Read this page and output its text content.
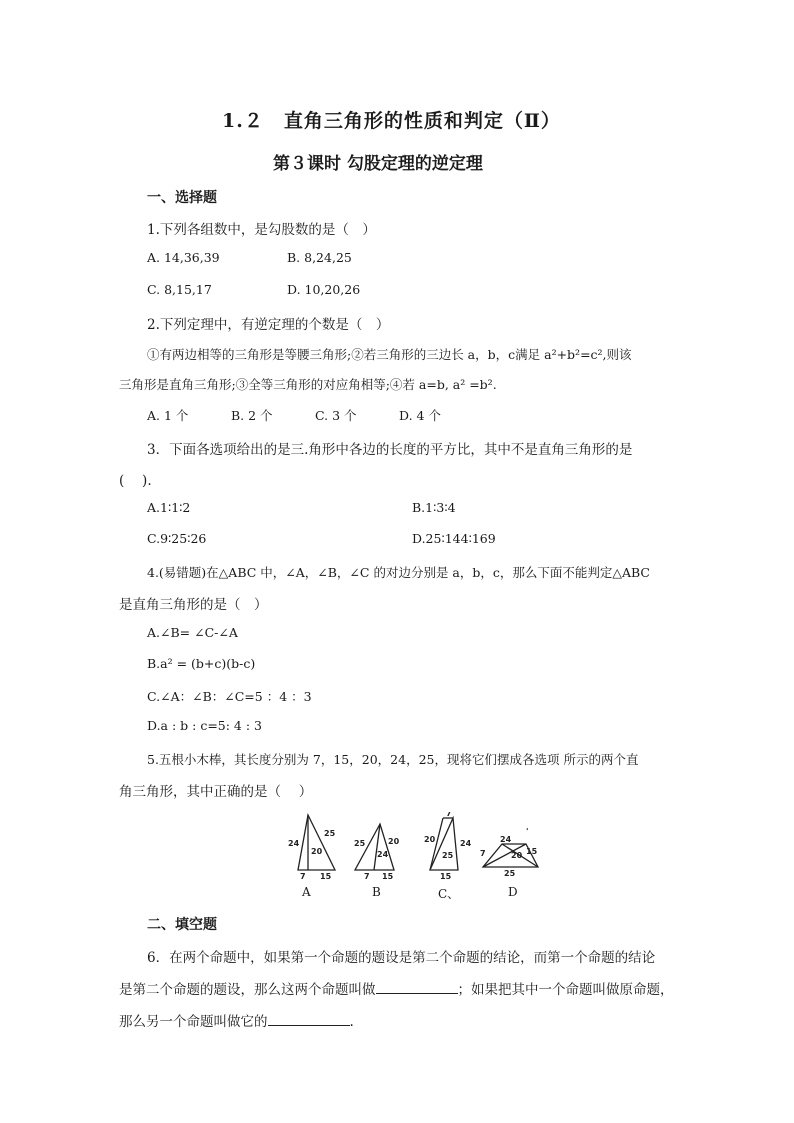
1.２　直角三角形的性质和判定（Ⅱ）
第３课时 勾股定理的逆定理
一、选择题
1.下列各组数中，是勾股数的是（　）
A. 14,36,39	B. 8,24,25
C. 8,15,17	D. 10,20,26
2.下列定理中，有逆定理的个数是（　）
①有两边相等的三角形是等腰三角形;②若三角形的三边长 a，b，c满足 a²+b²=c²,则该
三角形是直角三角形;③全等三角形的对应角相等;④若 a=b, a² =b².
A. 1 个	B. 2 个	C. 3 个	D. 4 个
3．下面各选项给出的是三.角形中各边的长度的平方比，其中不是直角三角形的是
(　 ).
A.1∶1∶2	B.1∶3∶4
C.9∶25∶26	D.25∶144∶169
4.(易错题)在△ABC 中，∠A，∠B，∠C 的对边分别是 a，b，c，那么下面不能判定△ABC
是直角三角形的是（　）
A.∠B= ∠C-∠A
B.a² = (b+c)(b-c)
C.∠A：∠B：∠C=5 ：4 ：3
D.a : b : c=5: 4 : 3
5.五根小木棒，其长度分别为 7，15，20，24，25，现将它们摆成各选项 所示的两个直
角三角形，其中正确的是（　 ）
24
25
20
7 15
A
25	20
24
7 15
B
7
20
25
24
15
C、
24
7	20 15
25
'
D
二、填空题
6．在两个命题中，如果第一个命题的题设是第二个命题的结论，而第一个命题的结论
是第二个命题的题设，那么这两个命题叫做	；如果把其中一个命题叫做原命题，
那么另一个命题叫做它的	.
